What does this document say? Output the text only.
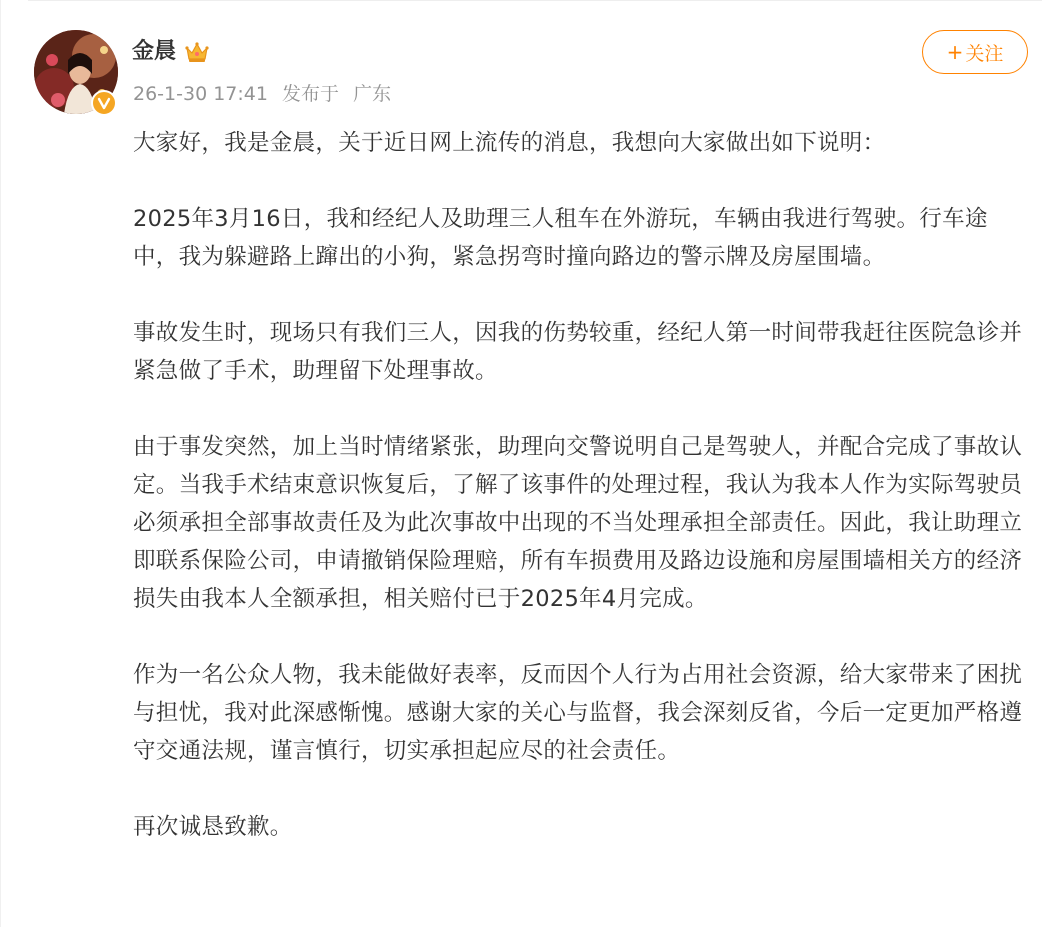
金晨
26-1-30 17:41 发布于 广东
+ 关注

大家好，我是金晨，关于近日网上流传的消息，我想向大家做出如下说明：

2025年3月16日，我和经纪人及助理三人租车在外游玩，车辆由我进行驾驶。行车途中，我为躲避路上蹿出的小狗，紧急拐弯时撞向路边的警示牌及房屋围墙。

事故发生时，现场只有我们三人，因我的伤势较重，经纪人第一时间带我赶往医院急诊并紧急做了手术，助理留下处理事故。

由于事发突然，加上当时情绪紧张，助理向交警说明自己是驾驶人，并配合完成了事故认定。当我手术结束意识恢复后，了解了该事件的处理过程，我认为我本人作为实际驾驶员必须承担全部事故责任及为此次事故中出现的不当处理承担全部责任。因此，我让助理立即联系保险公司，申请撤销保险理赔，所有车损费用及路边设施和房屋围墙相关方的经济损失由我本人全额承担，相关赔付已于2025年4月完成。

作为一名公众人物，我未能做好表率，反而因个人行为占用社会资源，给大家带来了困扰与担忧，我对此深感惭愧。感谢大家的关心与监督，我会深刻反省，今后一定更加严格遵守交通法规，谨言慎行，切实承担起应尽的社会责任。

再次诚恳致歉。
